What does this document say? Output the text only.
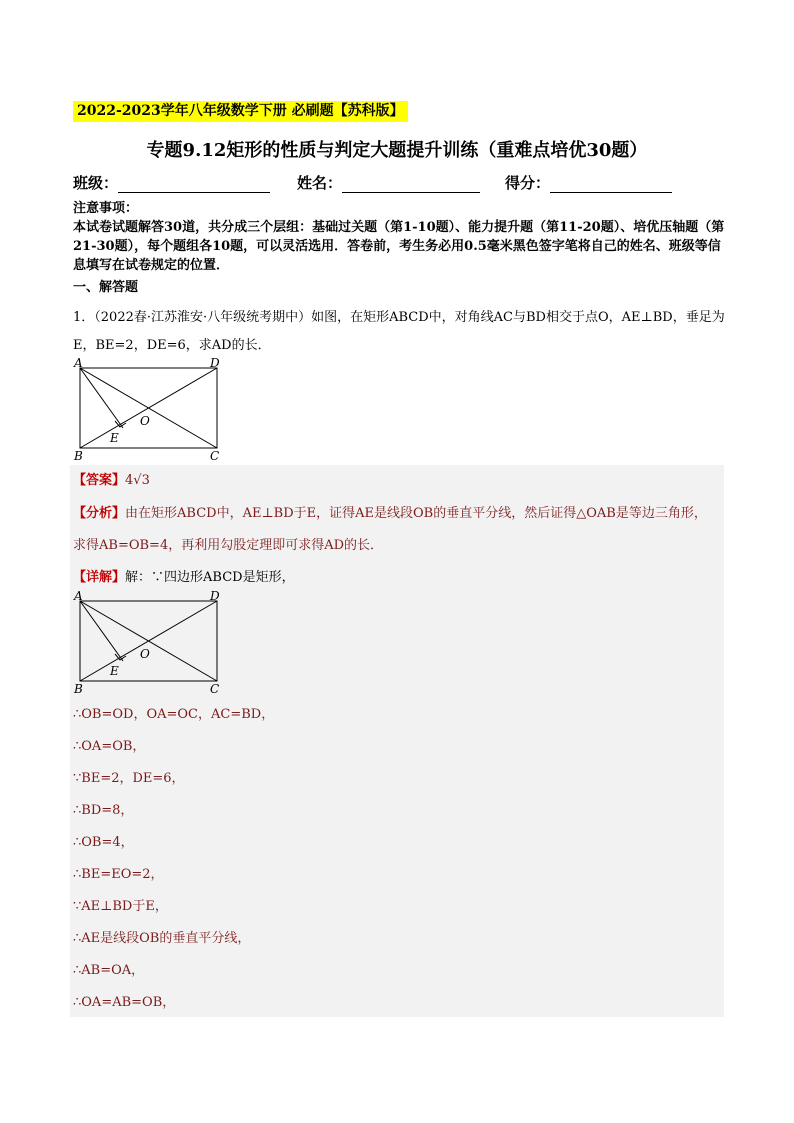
2022-2023学年八年级数学下册 必刷题【苏科版】
专题9.12矩形的性质与判定大题提升训练（重难点培优30题）
班级：	姓名：	得分：
注意事项：
本试卷试题解答30道，共分成三个层组：基础过关题（第1-10题）、能力提升题（第11-20题）、培优压轴题（第21-30题），每个题组各10题，可以灵活选用．答卷前，考生务必用0.5毫米黑色签字笔将自己的姓名、班级等信息填写在试卷规定的位置．
一、解答题
1．（2022春·江苏淮安·八年级统考期中）如图，在矩形ABCD中，对角线AC与BD相交于点O，AE⊥BD，垂足为E，BE=2，DE=6，求AD的长．
A
B	C
D
E
O
【答案】4√3
【分析】由在矩形ABCD中，AE⊥BD于E，证得AE是线段OB的垂直平分线，然后证得△OAB是等边三角形，求得AB=OB=4，再利用勾股定理即可求得AD的长．
【详解】解：∵四边形ABCD是矩形，
A
B	C
D
E
O
∴OB=OD，OA=OC，AC=BD，
∴OA=OB，
∵BE=2，DE=6，
∴BD=8，
∴OB=4，
∴BE=EO=2，
∵AE⊥BD于E，
∴AE是线段OB的垂直平分线，
∴AB=OA，
∴OA=AB=OB，
